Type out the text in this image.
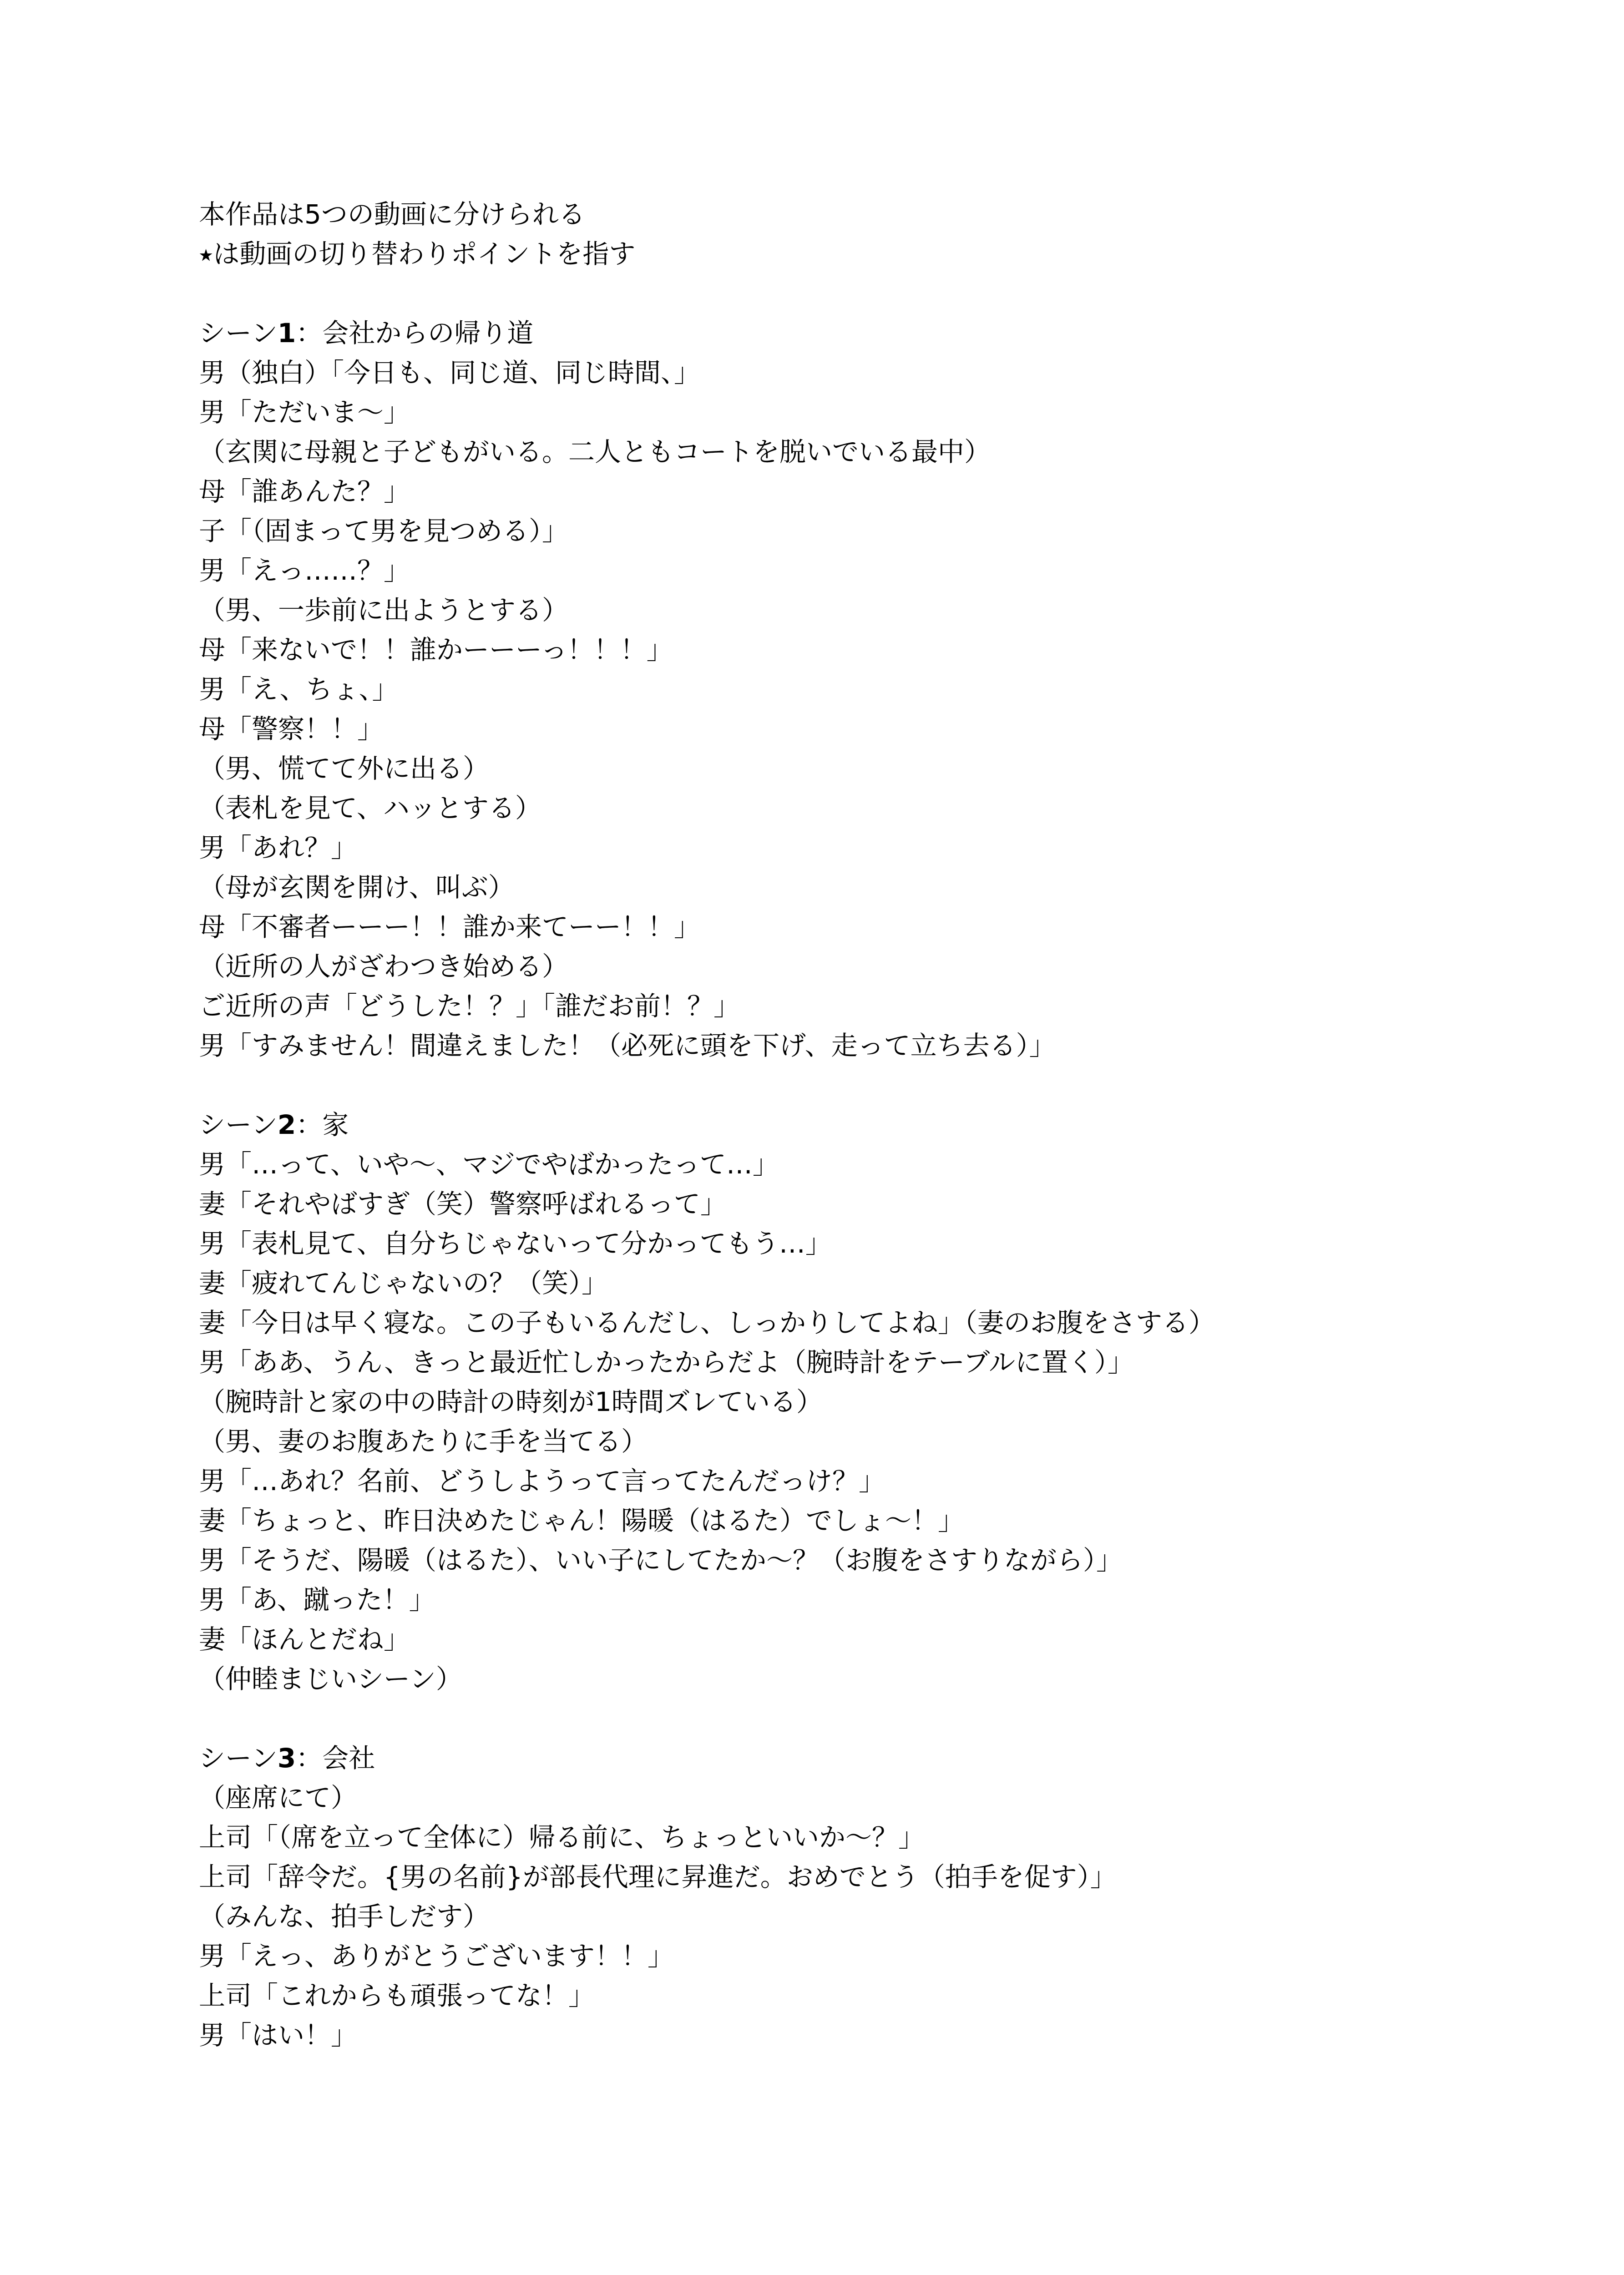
本作品は5つの動画に分けられる
⭑は動画の切り替わりポイントを指す
シーン1：会社からの帰り道
男（独白）「今日も、同じ道、同じ時間、」
男「ただいま〜」
（玄関に母親と子どもがいる。二人ともコートを脱いでいる最中）
母「誰あんた？」
子「（固まって男を見つめる）」
男「えっ……？」
（男、一歩前に出ようとする）
母「来ないで！！誰かーーーっ！！！」
男「え、ちょ、」
母「警察！！」
（男、慌てて外に出る）
（表札を見て、ハッとする）
男「あれ？」
（母が玄関を開け、叫ぶ）
母「不審者ーーー！！誰か来てーー！！」
（近所の人がざわつき始める）
ご近所の声「どうした！？」「誰だお前！？」
男「すみません！間違えました！（必死に頭を下げ、走って立ち去る）」
シーン2：家
男「…って、いや〜、マジでやばかったって…」
妻「それやばすぎ（笑）警察呼ばれるって」
男「表札見て、自分ちじゃないって分かってもう…」
妻「疲れてんじゃないの？（笑）」
妻「今日は早く寝な。この子もいるんだし、しっかりしてよね」（妻のお腹をさする）
男「ああ、うん、きっと最近忙しかったからだよ（腕時計をテーブルに置く）」
（腕時計と家の中の時計の時刻が1時間ズレている）
（男、妻のお腹あたりに手を当てる）
男「…あれ？名前、どうしようって言ってたんだっけ？」
妻「ちょっと、昨日決めたじゃん！陽暖（はるた）でしょ〜！」
男「そうだ、陽暖（はるた）、いい子にしてたか〜？（お腹をさすりながら）」
男「あ、蹴った！」
妻「ほんとだね」
（仲睦まじいシーン）
シーン3：会社
（座席にて）
上司「（席を立って全体に）帰る前に、ちょっといいか〜？」
上司「辞令だ。{男の名前}が部長代理に昇進だ。おめでとう（拍手を促す）」
（みんな、拍手しだす）
男「えっ、ありがとうございます！！」
上司「これからも頑張ってな！」
男「はい！」
